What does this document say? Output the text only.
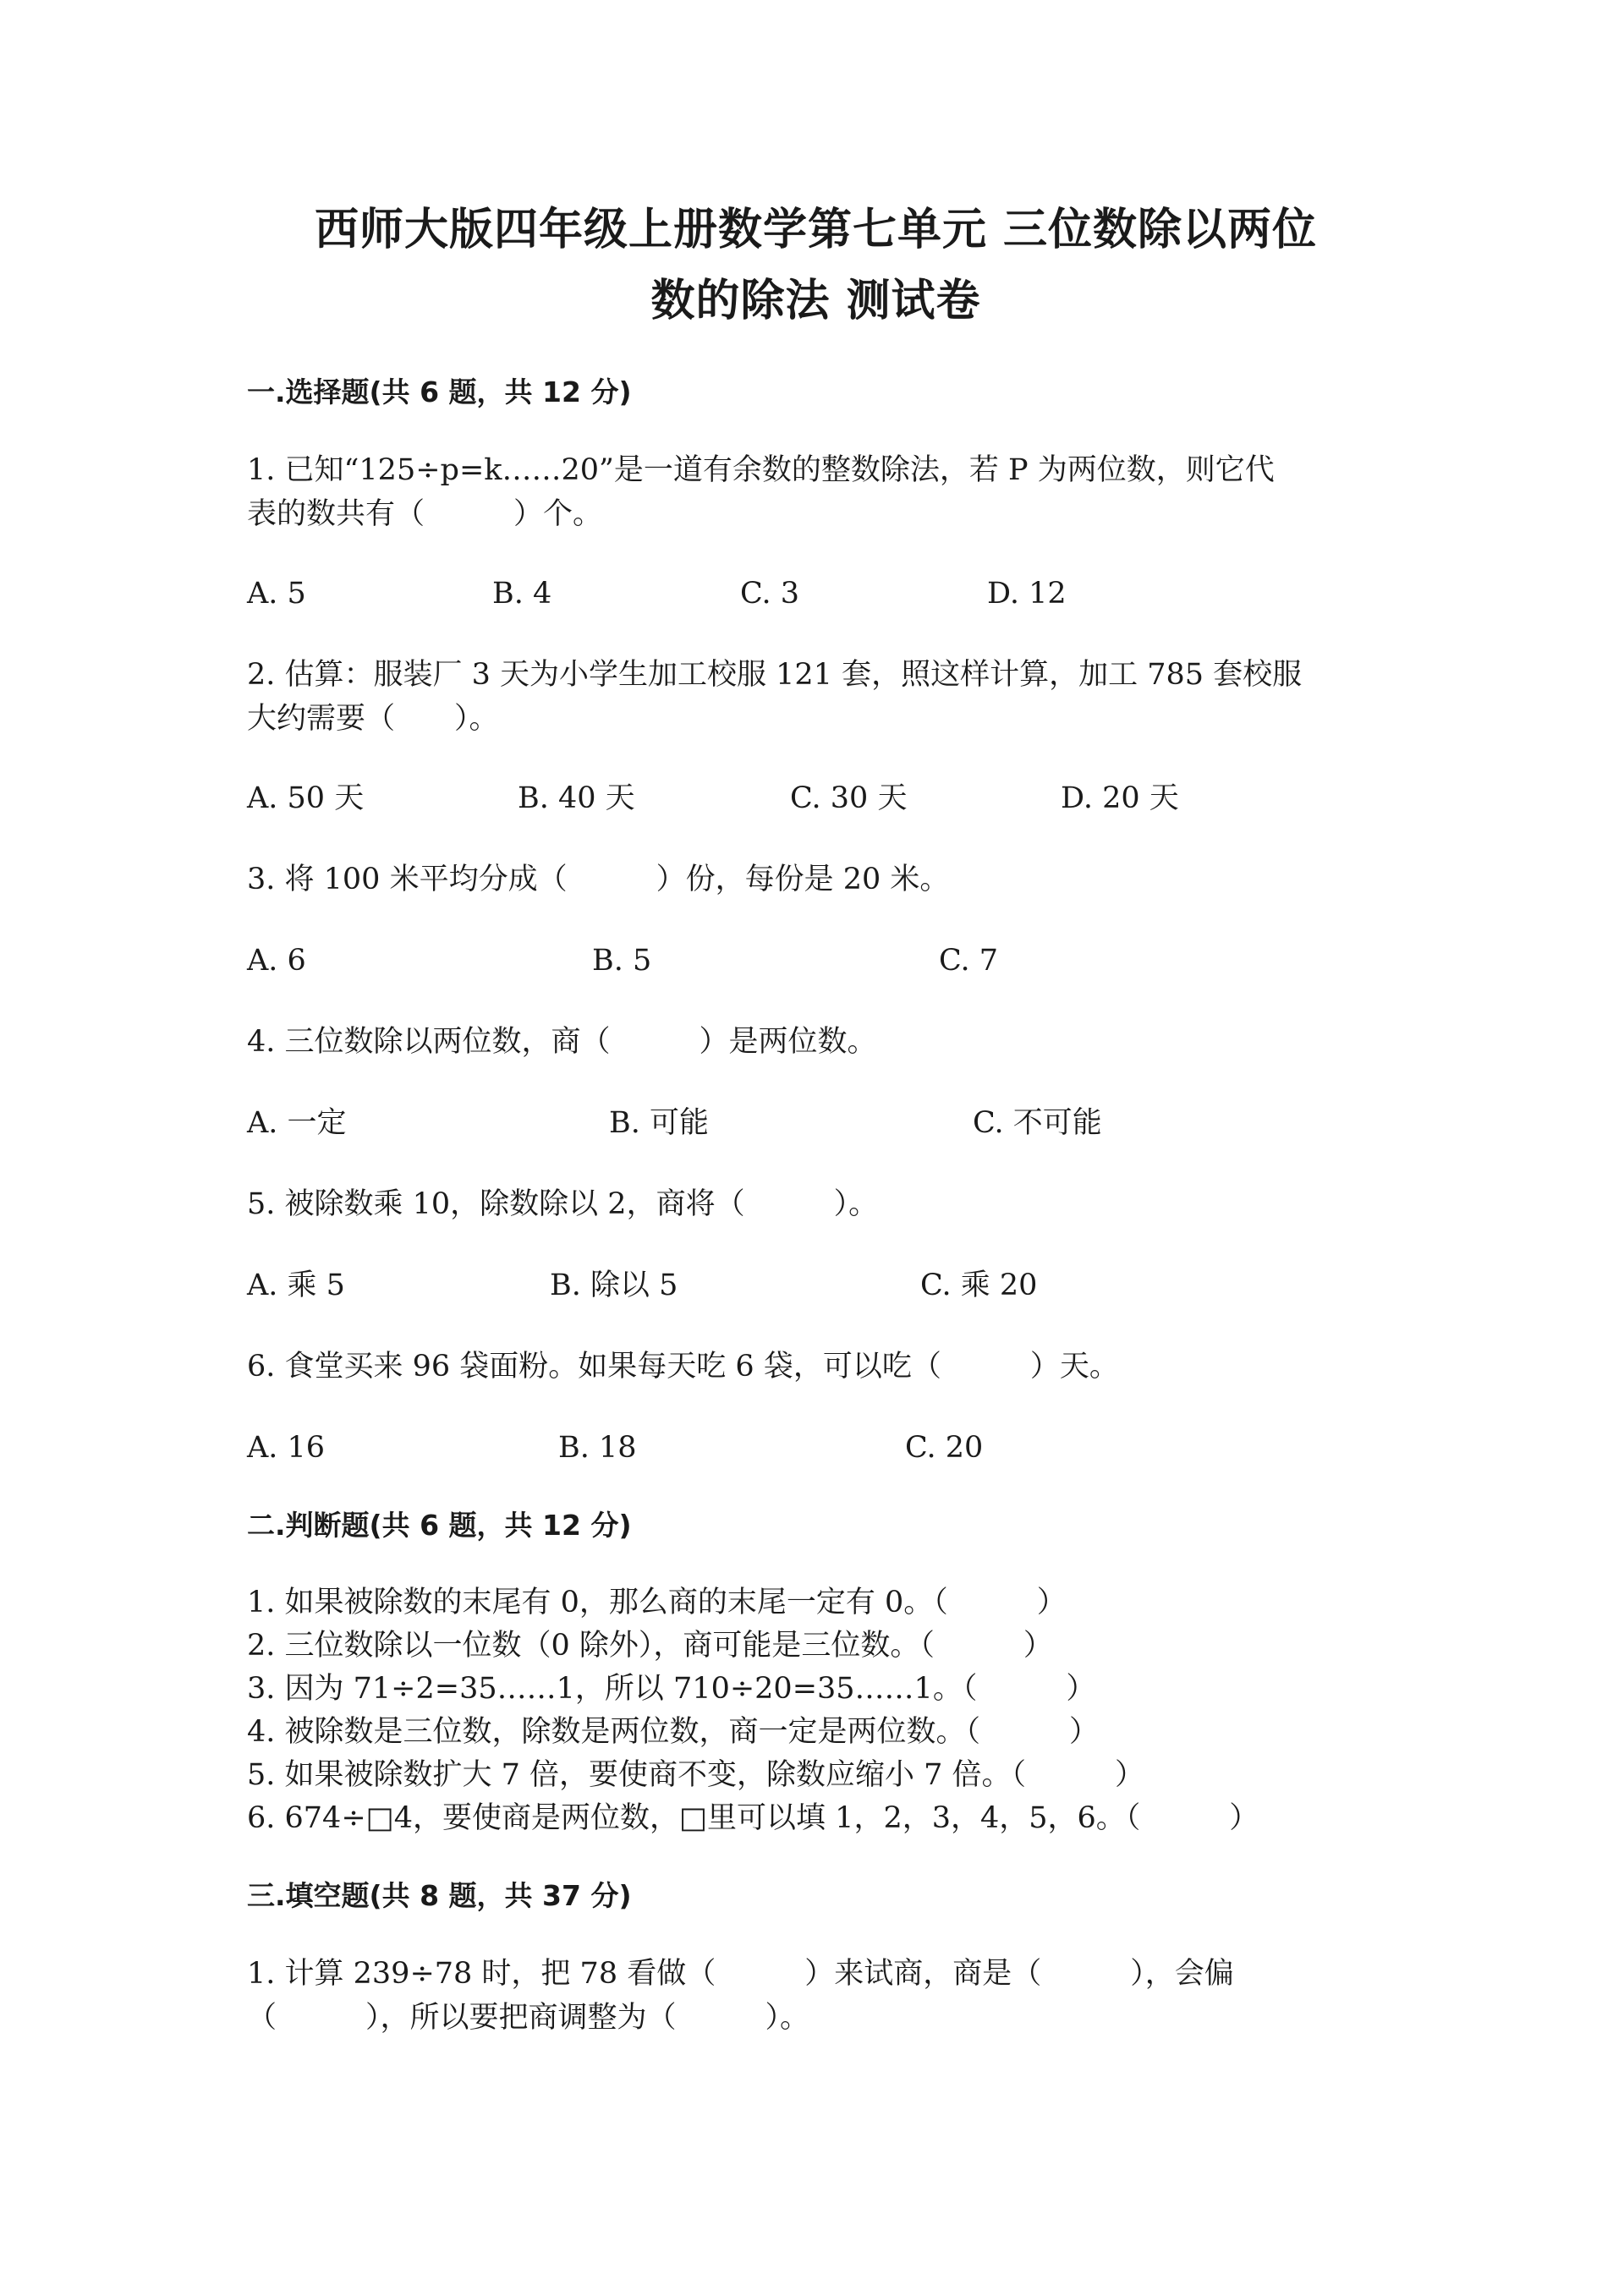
西师大版四年级上册数学第七单元 三位数除以两位
数的除法 测试卷
一.选择题(共 6 题，共 12 分)

1. 已知“125÷p=k……20”是一道有余数的整数除法，若 P 为两位数，则它代

表的数共有（　　　）个。

A. 5	B. 4	C. 3	D. 12

2. 估算：服装厂 3 天为小学生加工校服 121 套，照这样计算，加工 785 套校服

大约需要（　　）。

A. 50 天	B. 40 天	C. 30 天	D. 20 天

3. 将 100 米平均分成（　　　）份，每份是 20 米。

A. 6	B. 5	C. 7

4. 三位数除以两位数，商（　　　）是两位数。

A. 一定	B. 可能	C. 不可能

5. 被除数乘 10，除数除以 2，商将（　　　）。

A. 乘 5	B. 除以 5	C. 乘 20

6. 食堂买来 96 袋面粉。如果每天吃 6 袋，可以吃（　　　）天。

A. 16	B. 18	C. 20
二.判断题(共 6 题，共 12 分)
1. 如果被除数的末尾有 0，那么商的末尾一定有 0。（　　　）
2. 三位数除以一位数（0 除外），商可能是三位数。（　　　）
3. 因为 71÷2=35……1，所以 710÷20=35……1。（　　　）
4. 被除数是三位数，除数是两位数，商一定是两位数。（　　　）
5. 如果被除数扩大 7 倍，要使商不变，除数应缩小 7 倍。（　　　）
6. 674÷□4，要使商是两位数，□里可以填 1，2，3，4，5，6。（　　　）
三.填空题(共 8 题，共 37 分)

1. 计算 239÷78 时，把 78 看做（　　　）来试商，商是（　　　），会偏

（　　　），所以要把商调整为（　　　）。
